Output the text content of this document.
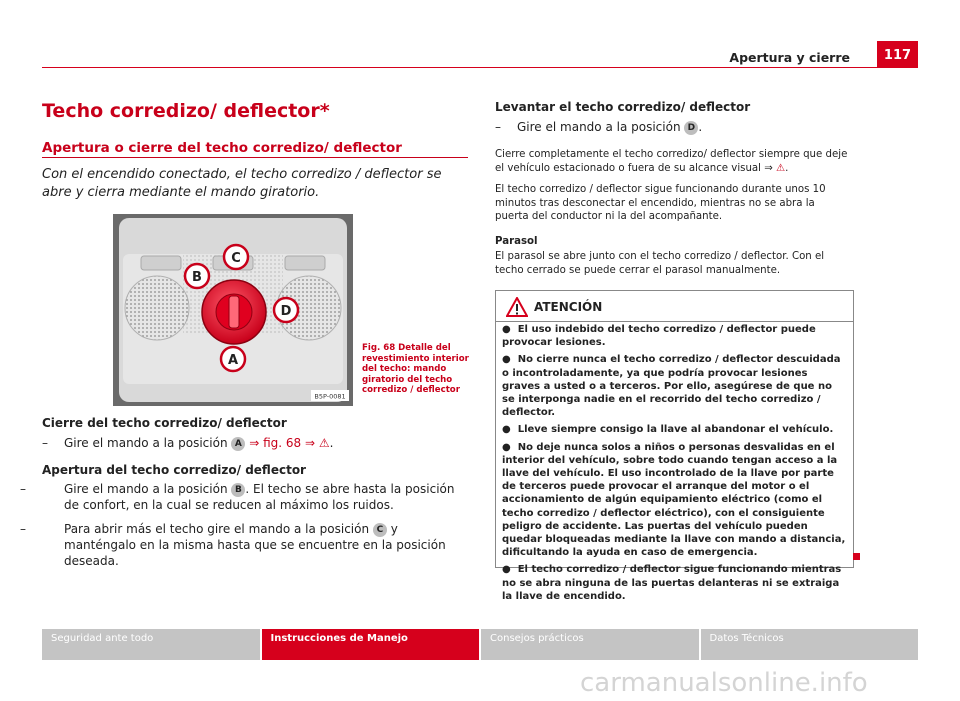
Apertura y cierre	117
Techo corredizo/ deflector*
Apertura o cierre del techo corredizo/ deflector
Con el encendido conectado, el techo corredizo / deflector se abre y cierra mediante el mando giratorio.
C
B
D
A
B5P-0081
Fig. 68 Detalle del revestimiento interior del techo: mando giratorio del techo corredizo / deflector
Cierre del techo corredizo/ deflector
– Gire el mando a la posición A ⇒ fig. 68 ⇒ ⚠.
Apertura del techo corredizo/ deflector
–	Gire el mando a la posición B . El techo se abre hasta la posición de confort, en la cual se reducen al máximo los ruidos.
–	Para abrir más el techo gire el mando a la posición C y manténgalo en la misma hasta que se encuentre en la posición deseada.
Levantar el techo corredizo/ deflector
– Gire el mando a la posición D .
Cierre completamente el techo corredizo/ deflector siempre que deje el vehículo estacionado o fuera de su alcance visual ⇒ ⚠.
El techo corredizo / deflector sigue funcionando durante unos 10 minutos tras desconectar el encendido, mientras no se abra la puerta del conductor ni la del acompañante.
Parasol
El parasol se abre junto con el techo corredizo / deflector. Con el techo cerrado se puede cerrar el parasol manualmente.
ATENCIÓN

●  El uso indebido del techo corredizo / deflector puede provocar lesiones.

●  No cierre nunca el techo corredizo / deflector descuidada o incontroladamente, ya que podría provocar lesiones graves a usted o a terceros. Por ello, asegúrese de que no se interponga nadie en el recorrido del techo corredizo / deflector.

●  Lleve siempre consigo la llave al abandonar el vehículo.

●  No deje nunca solos a niños o personas desvalidas en el interior del vehículo, sobre todo cuando tengan acceso a la llave del vehículo. El uso incontrolado de la llave por parte de terceros puede provocar el arranque del motor o el accionamiento de algún equipamiento eléctrico (como el techo corredizo / deflector eléctrico), con el consiguiente peligro de accidente. Las puertas del vehículo pueden quedar bloqueadas mediante la llave con mando a distancia, dificultando la ayuda en caso de emergencia.

●  El techo corredizo / deflector sigue funcionando mientras no se abra ninguna de las puertas delanteras ni se extraiga la llave de encendido.

Seguridad ante todo	Instrucciones de Manejo	Consejos prácticos	Datos Técnicos
carmanualsonline.info
